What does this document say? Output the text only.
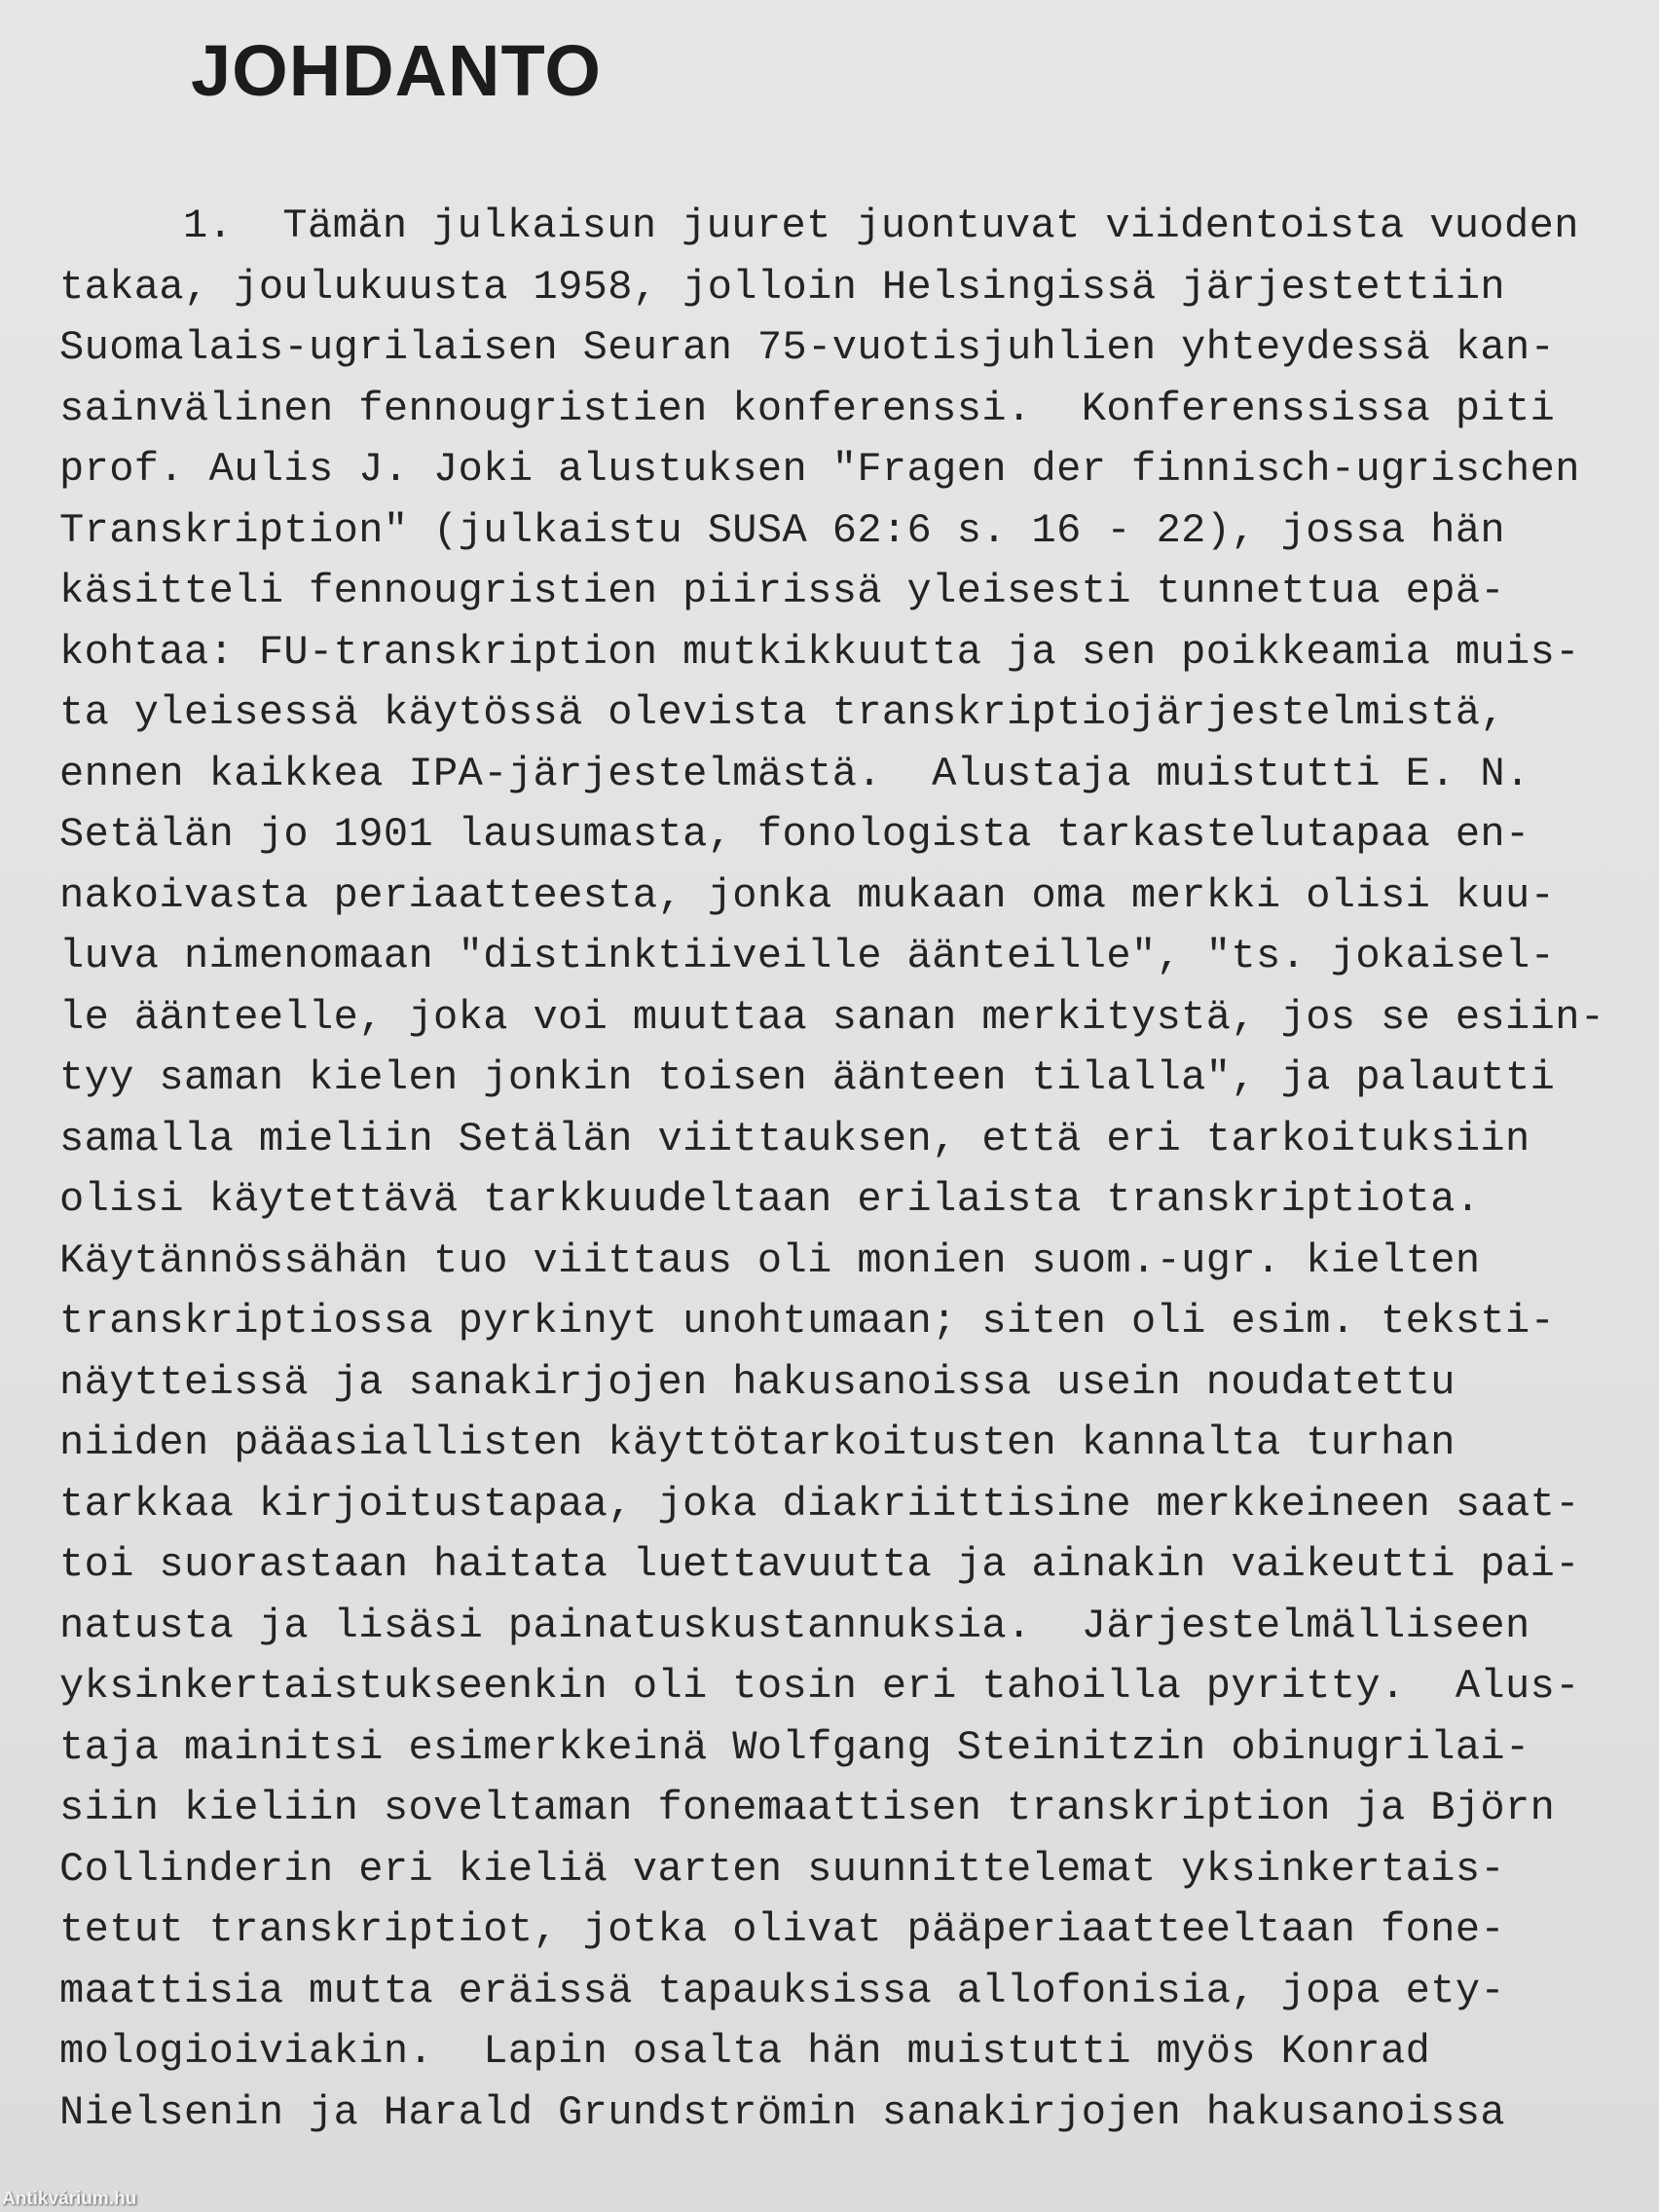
JOHDANTO
1.  Tämän julkaisun juuret juontuvat viidentoista vuoden
takaa, joulukuusta 1958, jolloin Helsingissä järjestettiin
Suomalais-ugrilaisen Seuran 75-vuotisjuhlien yhteydessä kan-
sainvälinen fennougristien konferenssi.  Konferenssissa piti
prof. Aulis J. Joki alustuksen "Fragen der finnisch-ugrischen
Transkription" (julkaistu SUSA 62:6 s. 16 - 22), jossa hän
käsitteli fennougristien piirissä yleisesti tunnettua epä-
kohtaa: FU-transkription mutkikkuutta ja sen poikkeamia muis-
ta yleisessä käytössä olevista transkriptiojärjestelmistä,
ennen kaikkea IPA-järjestelmästä.  Alustaja muistutti E. N.
Setälän jo 1901 lausumasta, fonologista tarkastelutapaa en-
nakoivasta periaatteesta, jonka mukaan oma merkki olisi kuu-
luva nimenomaan "distinktiiveille äänteille", "ts. jokaisel-
le äänteelle, joka voi muuttaa sanan merkitystä, jos se esiin-
tyy saman kielen jonkin toisen äänteen tilalla", ja palautti
samalla mieliin Setälän viittauksen, että eri tarkoituksiin
olisi käytettävä tarkkuudeltaan erilaista transkriptiota.
Käytännössähän tuo viittaus oli monien suom.-ugr. kielten
transkriptiossa pyrkinyt unohtumaan; siten oli esim. teksti-
näytteissä ja sanakirjojen hakusanoissa usein noudatettu
niiden pääasiallisten käyttötarkoitusten kannalta turhan
tarkkaa kirjoitustapaa, joka diakriittisine merkkeineen saat-
toi suorastaan haitata luettavuutta ja ainakin vaikeutti pai-
natusta ja lisäsi painatuskustannuksia.  Järjestelmälliseen
yksinkertaistukseenkin oli tosin eri tahoilla pyritty.  Alus-
taja mainitsi esimerkkeinä Wolfgang Steinitzin obinugrilai-
siin kieliin soveltaman fonemaattisen transkription ja Björn
Collinderin eri kieliä varten suunnittelemat yksinkertais-
tetut transkriptiot, jotka olivat pääperiaatteeltaan fone-
maattisia mutta eräissä tapauksissa allofonisia, jopa ety-
mologioiviakin.  Lapin osalta hän muistutti myös Konrad
Nielsenin ja Harald Grundströmin sanakirjojen hakusanoissa
Antikvárium.hu
